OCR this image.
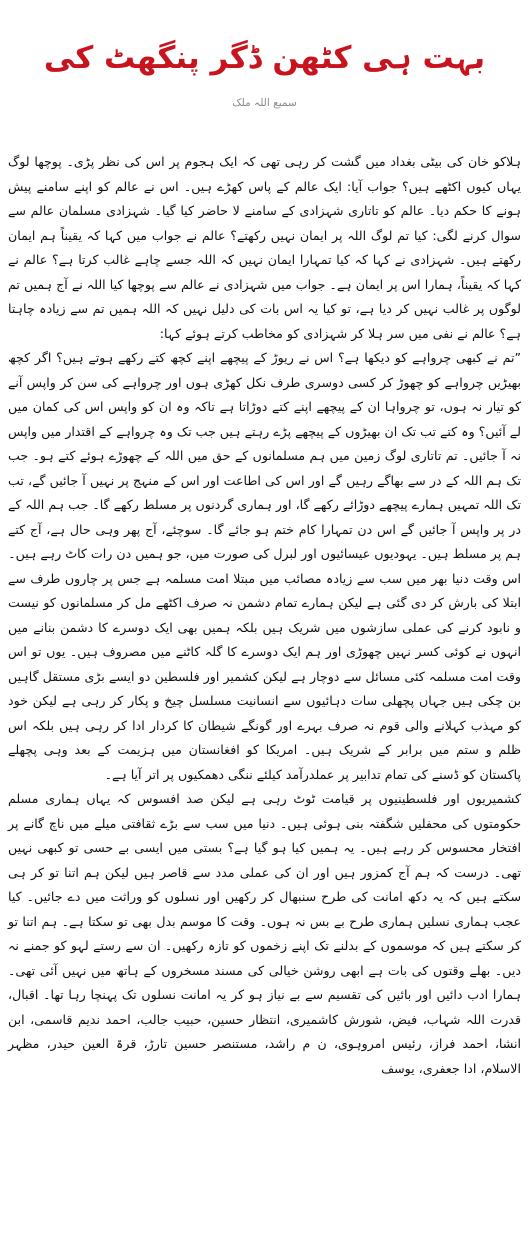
بہت ہی کٹھن ڈگر پنگھٹ کی
سمیع اللہ ملک

ہلاکو خان کی بیٹی بغداد میں گشت کر رہی تھی کہ ایک ہجوم پر اس کی نظر پڑی۔ پوچھا لوگ یہاں کیوں اکٹھے ہیں؟ جواب آیا: ایک عالم کے پاس کھڑے ہیں۔ اس نے عالم کو اپنے سامنے پیش ہونے کا حکم دیا۔ عالم کو تاتاری شہزادی کے سامنے لا حاضر کیا گیا۔ شہزادی مسلمان عالم سے سوال کرنے لگی: کیا تم لوگ اللہ پر ایمان نہیں رکھتے؟ عالم نے جواب میں کہا کہ یقیناً ہم ایمان رکھتے ہیں۔ شہزادی نے کہا کہ کیا تمہارا ایمان نہیں کہ اللہ جسے چاہے غالب کرتا ہے؟ عالم نے کہا کہ یقیناً، ہمارا اس پر ایمان ہے۔ جواب میں شہزادی نے عالم سے پوچھا کیا اللہ نے آج ہمیں تم لوگوں پر غالب نہیں کر دیا ہے، تو کیا یہ اس بات کی دلیل نہیں کہ اللہ ہمیں تم سے زیادہ چاہتا ہے؟ عالم نے نفی میں سر ہلا کر شہزادی کو مخاطب کرتے ہوئے کہا:

”تم نے کبھی چرواہے کو دیکھا ہے؟ اس نے ریوڑ کے پیچھے اپنے کچھ کتے رکھے ہوتے ہیں؟ اگر کچھ بھیڑیں چرواہے کو چھوڑ کر کسی دوسری طرف نکل کھڑی ہوں اور چرواہے کی سن کر واپس آنے کو تیار نہ ہوں، تو چرواہا ان کے پیچھے اپنے کتے دوڑاتا ہے تاکہ وہ ان کو واپس اس کی کمان میں لے آئیں؟ وہ کتے تب تک ان بھیڑوں کے پیچھے پڑے رہتے ہیں جب تک وہ چرواہے کے اقتدار میں واپس نہ آ جائیں۔ تم تاتاری لوگ زمین میں ہم مسلمانوں کے حق میں اللہ کے چھوڑے ہوئے کتے ہو۔ جب تک ہم اللہ کے در سے بھاگے رہیں گے اور اس کی اطاعت اور اس کے منہج پر نہیں آ جائیں گے، تب تک اللہ تمہیں ہمارے پیچھے دوڑائے رکھے گا، اور ہماری گردنوں پر مسلط رکھے گا۔ جب ہم اللہ کے در پر واپس آ جائیں گے اس دن تمہارا کام ختم ہو جائے گا۔ سوچئے، آج پھر وہی حال ہے، آج کتے ہم پر مسلط ہیں۔ یہودیوں عیسائیوں اور لبرل کی صورت میں، جو ہمیں دن رات کاٹ رہے ہیں۔

اس وقت دنیا بھر میں سب سے زیادہ مصائب میں مبتلا امت مسلمہ ہے جس پر چاروں طرف سے ابتلا کی بارش کر دی گئی ہے لیکن ہمارے تمام دشمن نہ صرف اکٹھے مل کر مسلمانوں کو نیست و نابود کرنے کی عملی سازشوں میں شریک ہیں بلکہ ہمیں بھی ایک دوسرے کا دشمن بنانے میں انہوں نے کوئی کسر نہیں چھوڑی اور ہم ایک دوسرے کا گلہ کاٹنے میں مصروف ہیں۔ یوں تو اس وقت امت مسلمہ کئی مسائل سے دوچار ہے لیکن کشمیر اور فلسطین دو ایسے بڑی مستقل گاہیں بن چکی ہیں جہاں پچھلی سات دہائیوں سے انسانیت مسلسل چیخ و پکار کر رہی ہے لیکن خود کو مہذب کہلانے والی قوم نہ صرف بہرے اور گونگے شیطان کا کردار ادا کر رہی ہیں بلکہ اس ظلم و ستم میں برابر کے شریک ہیں۔ امریکا کو افغانستان میں ہزیمت کے بعد وہی پچھلے پاکستان کو ڈسنے کی تمام تدابیر پر عملدرآمد کیلئے ننگی دھمکیوں پر اتر آیا ہے۔

کشمیریوں اور فلسطینیوں پر قیامت ٹوٹ رہی ہے لیکن صد افسوس کہ یہاں ہماری مسلم حکومتوں کی محفلیں شگفتہ بنی ہوئی ہیں۔ دنیا میں سب سے بڑے ثقافتی میلے میں ناچ گانے پر افتخار محسوس کر رہے ہیں۔ یہ ہمیں کیا ہو گیا ہے؟ بستی میں ایسی بے حسی تو کبھی نہیں تھی۔ درست کہ ہم آج کمزور ہیں اور ان کی عملی مدد سے قاصر ہیں لیکن ہم اتنا تو کر ہی سکتے ہیں کہ یہ دکھ امانت کی طرح سنبھال کر رکھیں اور نسلوں کو وراثت میں دے جائیں۔ کیا عجب ہماری نسلیں ہماری طرح بے بس نہ ہوں۔ وقت کا موسم بدل بھی تو سکتا ہے۔ ہم اتنا تو کر سکتے ہیں کہ موسموں کے بدلنے تک اپنے زخموں کو تازہ رکھیں۔ ان سے رستے لہو کو جمنے نہ دیں۔ بھلے وقتوں کی بات ہے ابھی روشن خیالی کی مسند مسخروں کے ہاتھ میں نہیں آئی تھی۔ ہمارا ادب دائیں اور بائیں کی تقسیم سے بے نیاز ہو کر یہ امانت نسلوں تک پہنچا رہا تھا۔ اقبال، قدرت اللہ شہاب، فیض، شورش کاشمیری، انتظار حسین، حبیب جالب، احمد ندیم قاسمی، ابن انشا، احمد فراز، رئیس امروہوی، ن م راشد، مستنصر حسین تارڑ، قرۃ العین حیدر، مظہر الاسلام، ادا جعفری، یوسف
